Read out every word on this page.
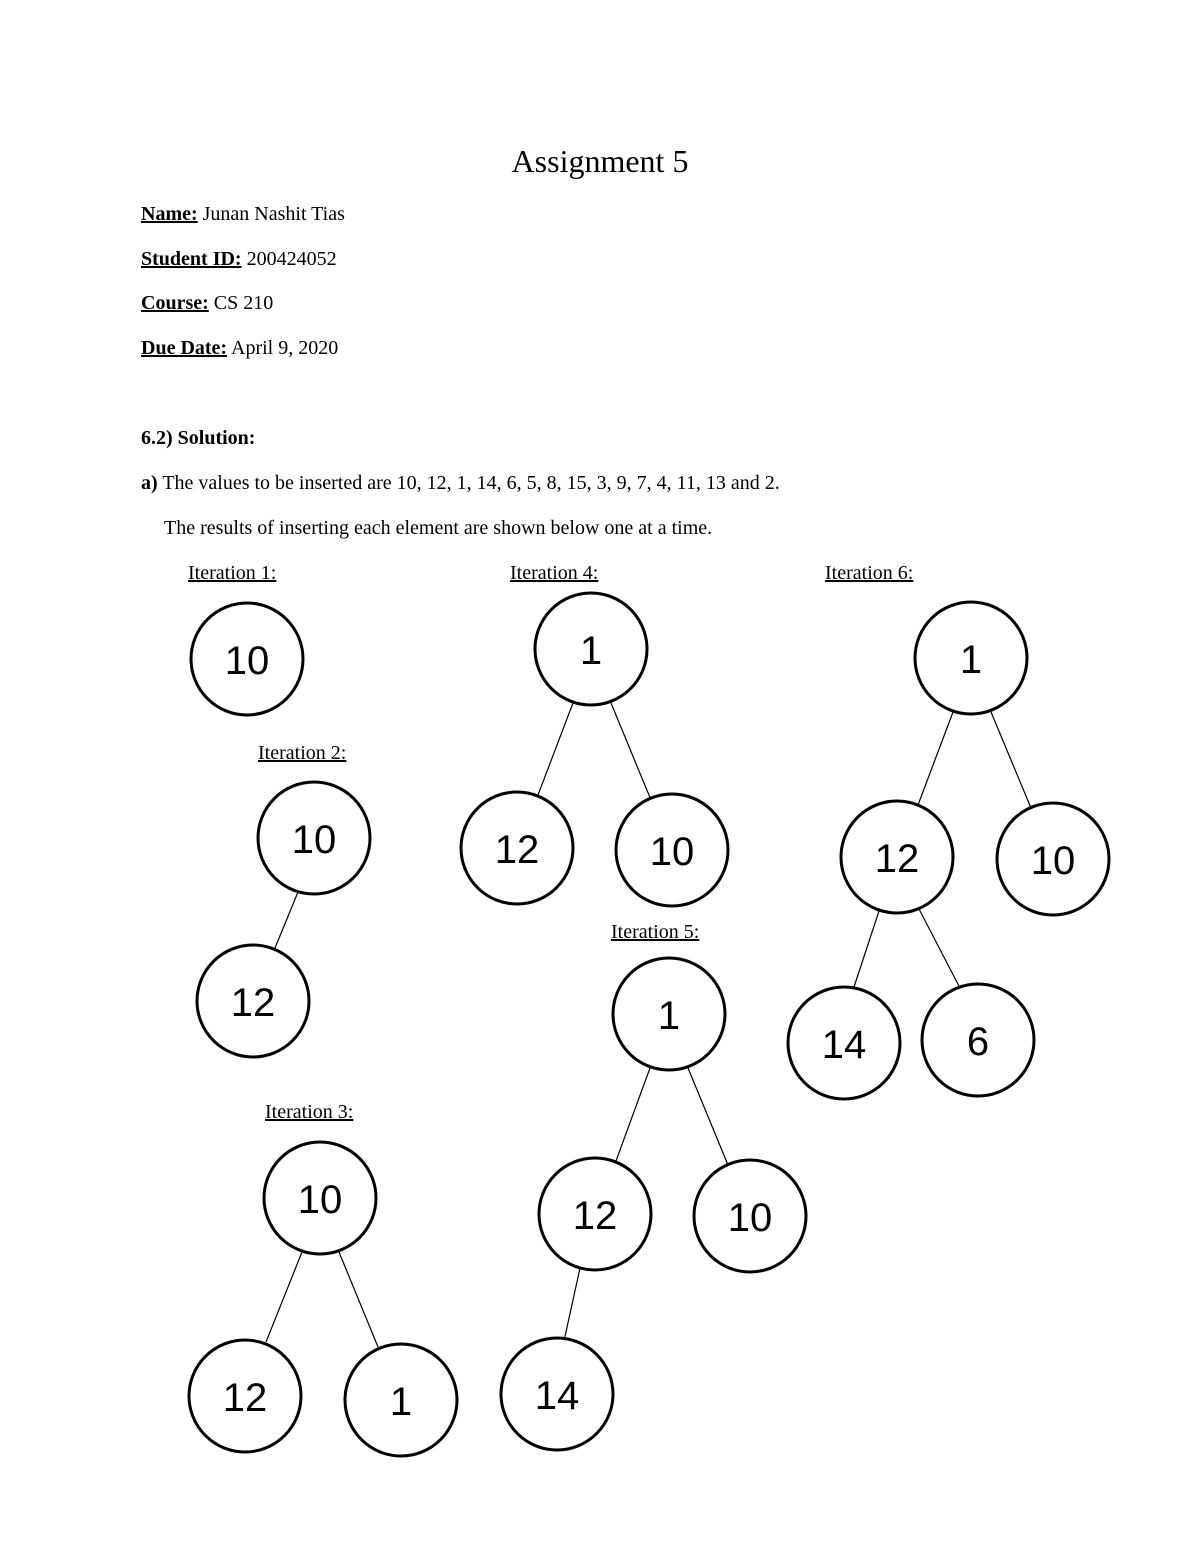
Assignment 5
Name: Junan Nashit Tias
Student ID: 200424052
Course: CS 210
Due Date: April 9, 2020
6.2) Solution:
a) The values to be inserted are 10, 12, 1, 14, 6, 5, 8, 15, 3, 9, 7, 4, 11, 13 and 2.
The results of inserting each element are shown below one at a time.
Iteration 1:
Iteration 2:
Iteration 3:
Iteration 4:
Iteration 5:
Iteration 6:
10
10
12
10
12	1
1
12	10
1
12	10
14
1
12	10
14	6
